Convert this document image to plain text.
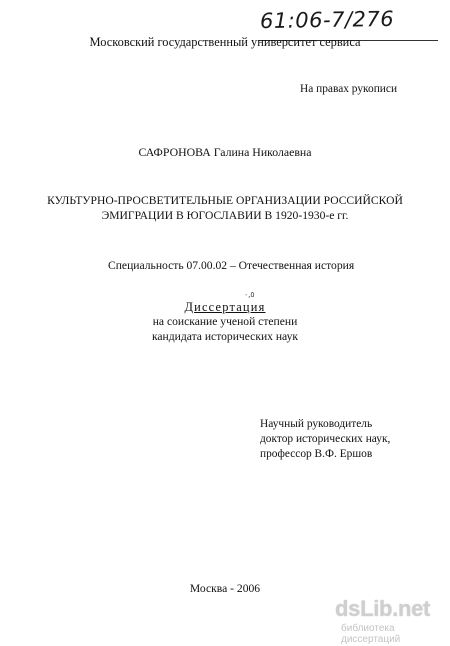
61:06-7/276
Московский государственный университет сервиса
На правах рукописи
САФРОНОВА Галина Николаевна
КУЛЬТУРНО-ПРОСВЕТИТЕЛЬНЫЕ ОРГАНИЗАЦИИ РОССИЙСКОЙ
ЭМИГРАЦИИ В ЮГОСЛАВИИ В 1920-1930-е гг.
Специальность 07.00.02 – Отечественная история
٠,٥
Диссертация
на соискание ученой степени
кандидата исторических наук
Научный руководитель
доктор исторических наук,
профессор В.Ф. Ершов
Москва - 2006
dsLib.net
библиотека диссертаций
